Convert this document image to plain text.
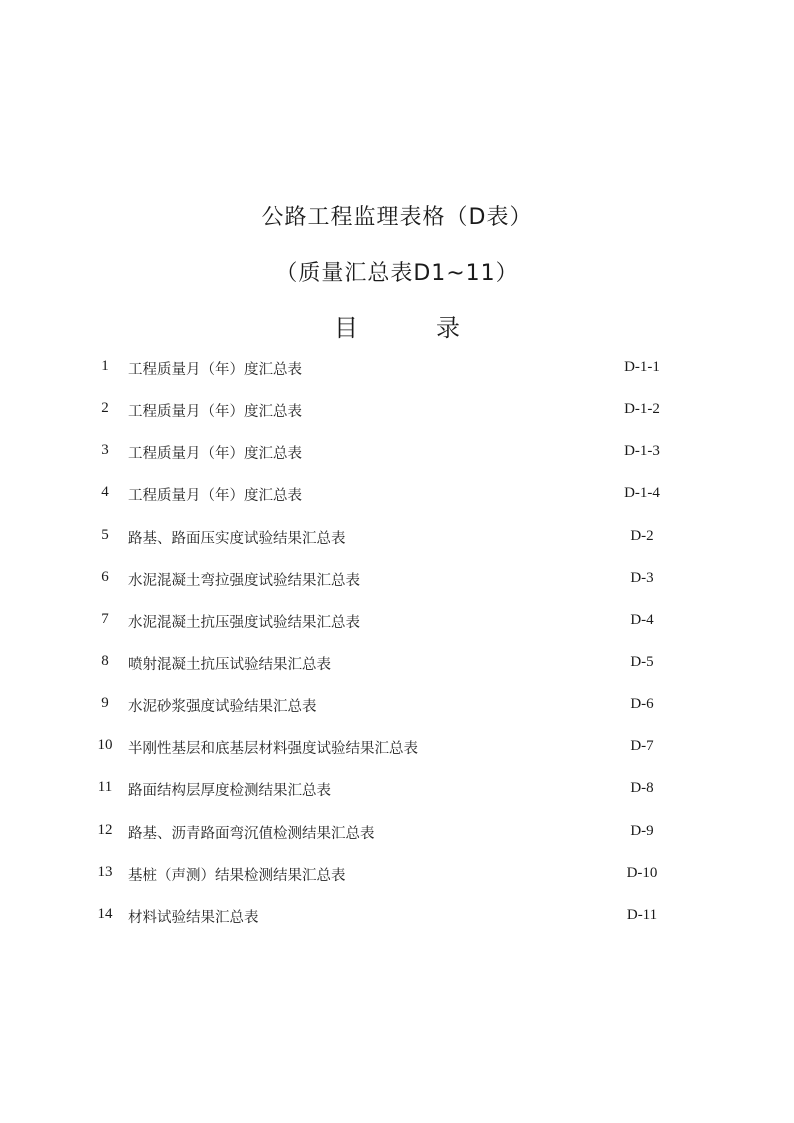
公路工程监理表格（D表）
（质量汇总表D1~11）
目	录
1	工程质量月（年）度汇总表	D-1-1
2	工程质量月（年）度汇总表	D-1-2
3	工程质量月（年）度汇总表	D-1-3
4	工程质量月（年）度汇总表	D-1-4
5	路基、路面压实度试验结果汇总表	D-2
6	水泥混凝土弯拉强度试验结果汇总表	D-3
7	水泥混凝土抗压强度试验结果汇总表	D-4
8	喷射混凝土抗压试验结果汇总表	D-5
9	水泥砂浆强度试验结果汇总表	D-6
10	半刚性基层和底基层材料强度试验结果汇总表	D-7
11	路面结构层厚度检测结果汇总表	D-8
12	路基、沥青路面弯沉值检测结果汇总表	D-9
13	基桩（声测）结果检测结果汇总表	D-10
14	材料试验结果汇总表	D-11
